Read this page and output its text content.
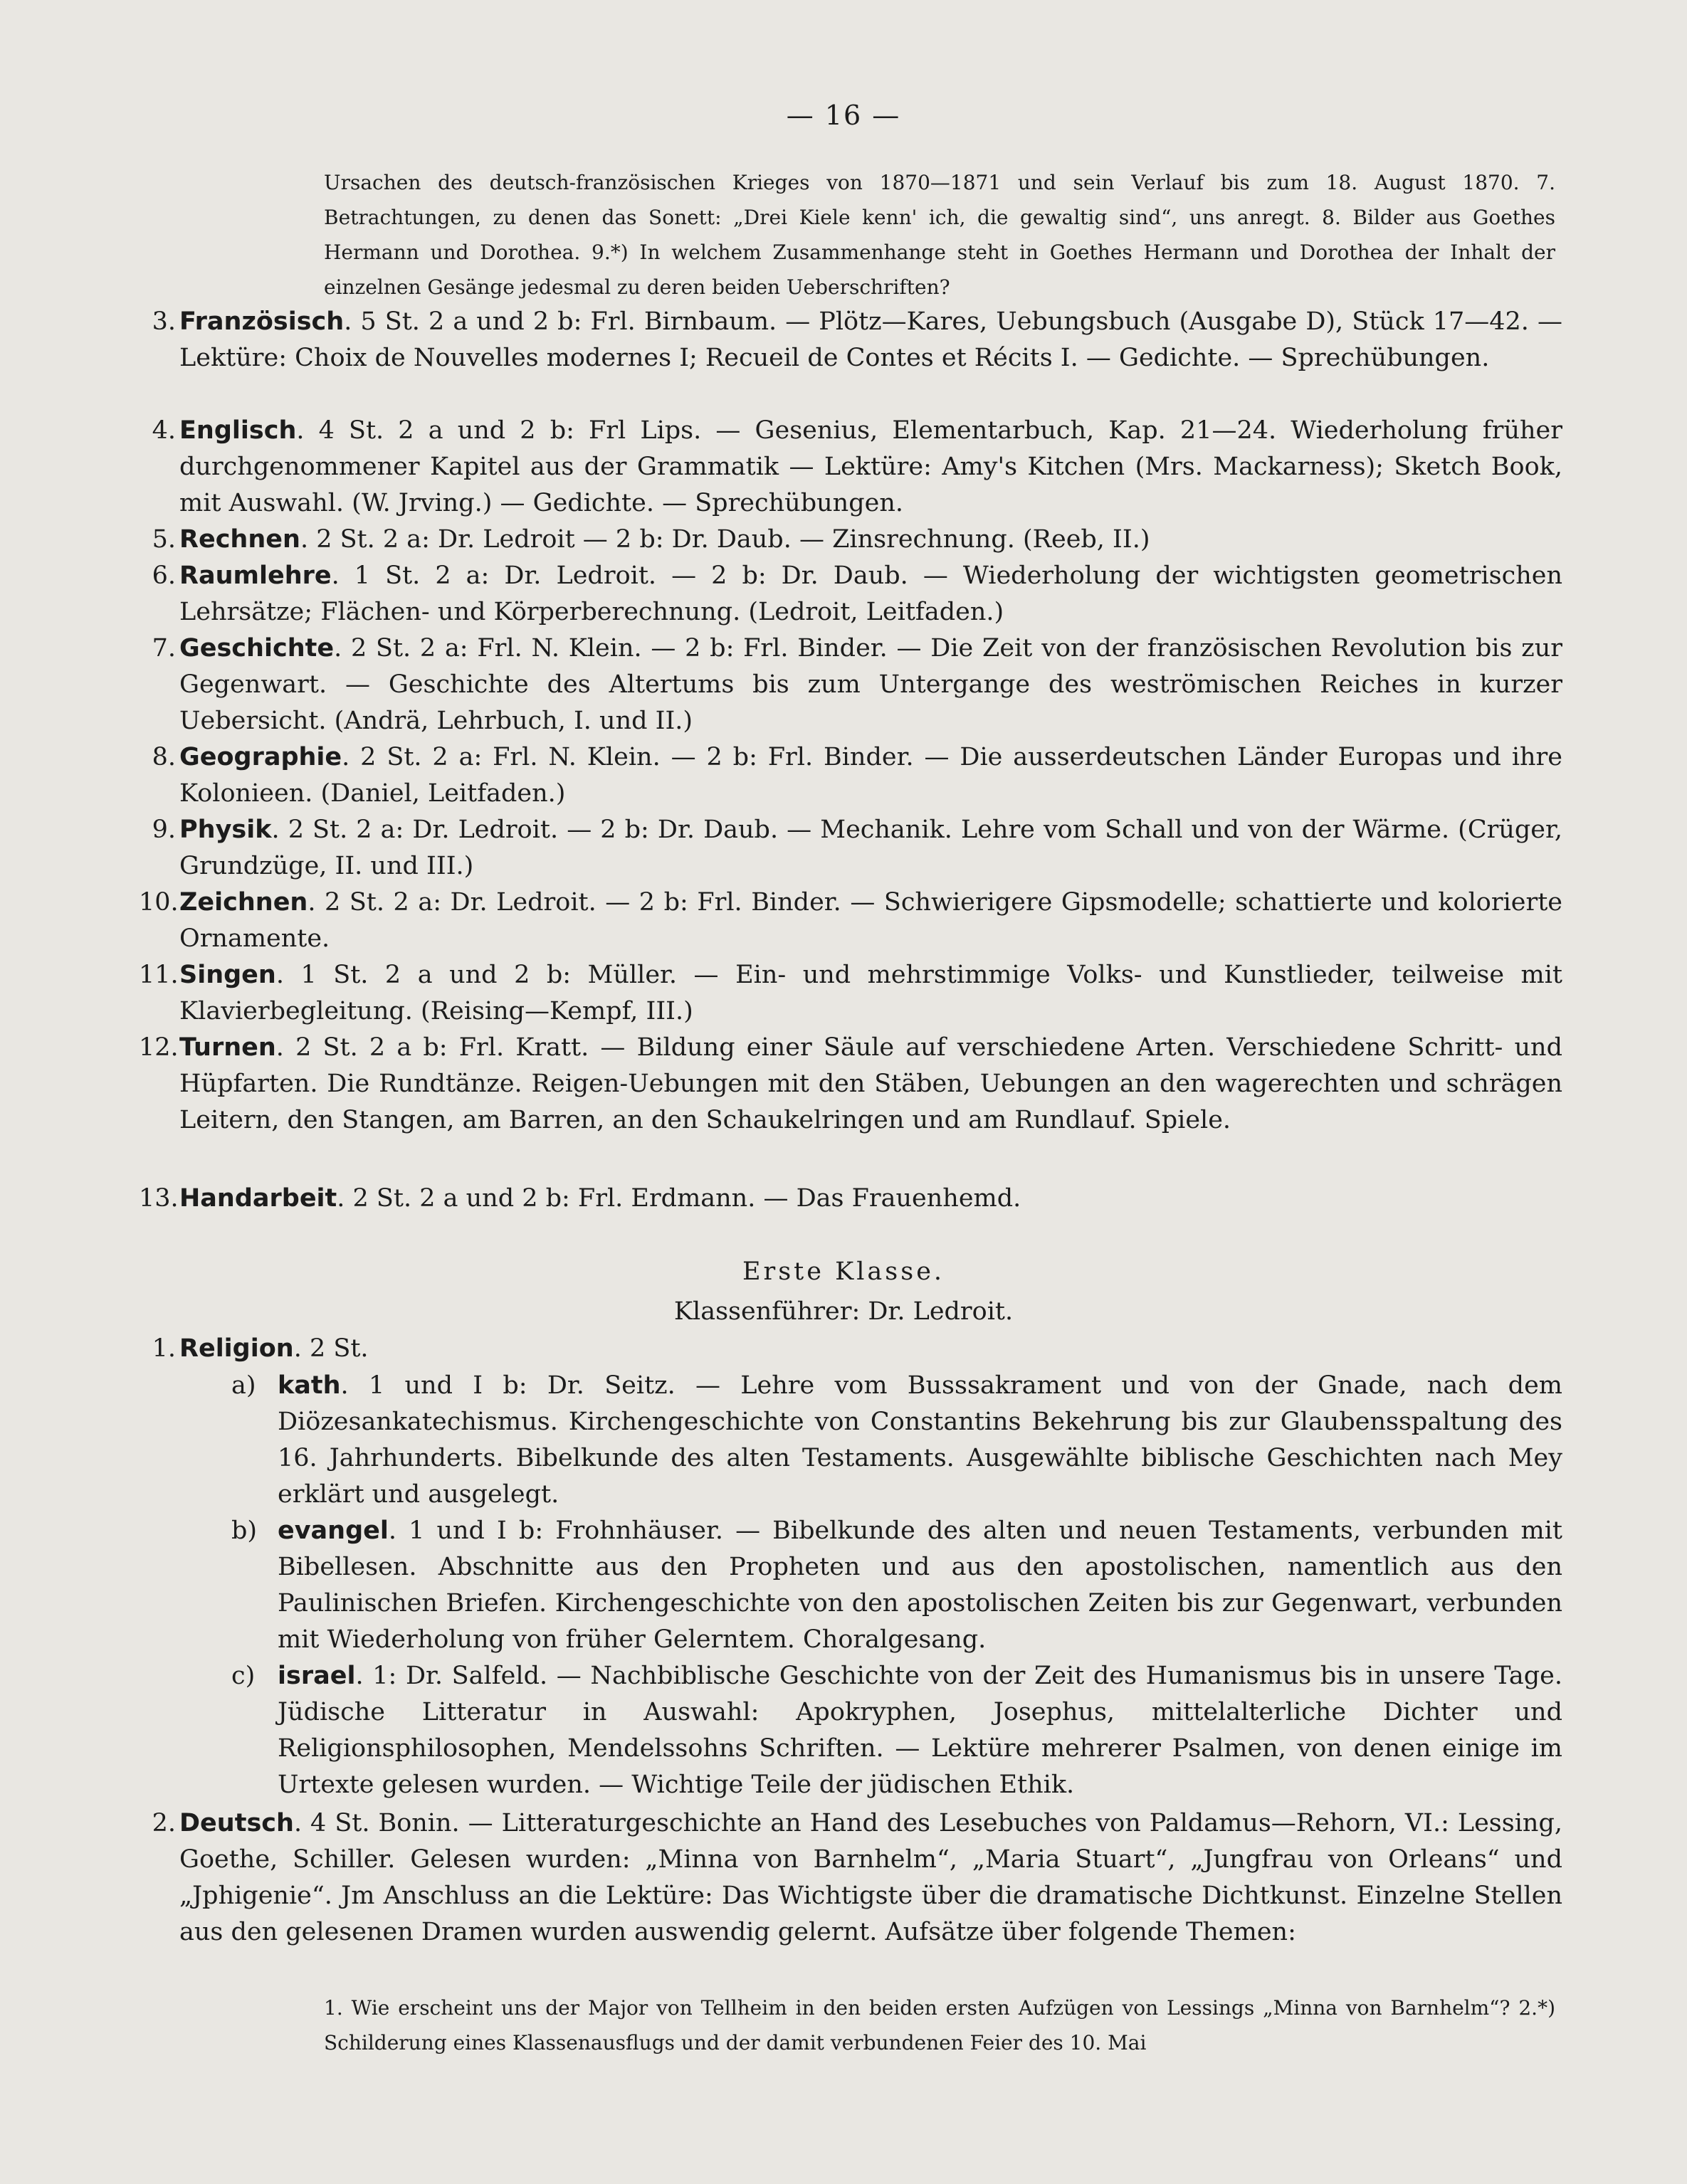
— 16 —

Ursachen des deutsch-französischen Krieges von 1870—1871 und sein Verlauf bis zum 18. August 1870. 7. Betrachtungen, zu denen das Sonett: „Drei Kiele kenn' ich, die gewaltig sind“, uns anregt. 8. Bilder aus Goethes Hermann und Dorothea. 9.*) In welchem Zusammenhange steht in Goethes Hermann und Dorothea der Inhalt der einzelnen Gesänge jedesmal zu deren beiden Ueberschriften?

3. Französisch. 5 St. 2 a und 2 b: Frl. Birnbaum. — Plötz—Kares, Uebungsbuch (Ausgabe D), Stück 17—42. — Lektüre: Choix de Nouvelles modernes I; Recueil de Contes et Récits I. — Gedichte. — Sprechübungen.
4. Englisch. 4 St. 2 a und 2 b: Frl Lips. — Gesenius, Elementarbuch, Kap. 21—24. Wiederholung früher durchgenommener Kapitel aus der Grammatik — Lektüre: Amy's Kitchen (Mrs. Mackarness); Sketch Book, mit Auswahl. (W. Jrving.) — Gedichte. — Sprechübungen.
5. Rechnen. 2 St. 2 a: Dr. Ledroit — 2 b: Dr. Daub. — Zinsrechnung. (Reeb, II.)
6. Raumlehre. 1 St. 2 a: Dr. Ledroit. — 2 b: Dr. Daub. — Wiederholung der wichtigsten geometrischen Lehrsätze; Flächen- und Körperberechnung. (Ledroit, Leitfaden.)
7. Geschichte. 2 St. 2 a: Frl. N. Klein. — 2 b: Frl. Binder. — Die Zeit von der französischen Revolution bis zur Gegenwart. — Geschichte des Altertums bis zum Untergange des weströmischen Reiches in kurzer Uebersicht. (Andrä, Lehrbuch, I. und II.)
8. Geographie. 2 St. 2 a: Frl. N. Klein. — 2 b: Frl. Binder. — Die ausserdeutschen Länder Europas und ihre Kolonieen. (Daniel, Leitfaden.)
9. Physik. 2 St. 2 a: Dr. Ledroit. — 2 b: Dr. Daub. — Mechanik. Lehre vom Schall und von der Wärme. (Crüger, Grundzüge, II. und III.)
10. Zeichnen. 2 St. 2 a: Dr. Ledroit. — 2 b: Frl. Binder. — Schwierigere Gipsmodelle; schattierte und kolorierte Ornamente.
11. Singen. 1 St. 2 a und 2 b: Müller. — Ein- und mehrstimmige Volks- und Kunstlieder, teilweise mit Klavierbegleitung. (Reising—Kempf, III.)
12. Turnen. 2 St. 2 a b: Frl. Kratt. — Bildung einer Säule auf verschiedene Arten. Verschiedene Schritt- und Hüpfarten. Die Rundtänze. Reigen-Uebungen mit den Stäben, Uebungen an den wagerechten und schrägen Leitern, den Stangen, am Barren, an den Schaukelringen und am Rundlauf. Spiele.
13. Handarbeit. 2 St. 2 a und 2 b: Frl. Erdmann. — Das Frauenhemd.
Erste Klasse.
Klassenführer: Dr. Ledroit.
1. Religion. 2 St.
a) kath. 1 und I b: Dr. Seitz. — Lehre vom Busssakrament und von der Gnade, nach dem Diözesankatechismus. Kirchengeschichte von Constantins Bekehrung bis zur Glaubensspaltung des 16. Jahrhunderts. Bibelkunde des alten Testaments. Ausgewählte biblische Geschichten nach Mey erklärt und ausgelegt.
b) evangel. 1 und I b: Frohnhäuser. — Bibelkunde des alten und neuen Testaments, verbunden mit Bibellesen. Abschnitte aus den Propheten und aus den apostolischen, namentlich aus den Paulinischen Briefen. Kirchengeschichte von den apostolischen Zeiten bis zur Gegenwart, verbunden mit Wiederholung von früher Gelerntem. Choralgesang.
c) israel. 1: Dr. Salfeld. — Nachbiblische Geschichte von der Zeit des Humanismus bis in unsere Tage. Jüdische Litteratur in Auswahl: Apokryphen, Josephus, mittelalterliche Dichter und Religionsphilosophen, Mendelssohns Schriften. — Lektüre mehrerer Psalmen, von denen einige im Urtexte gelesen wurden. — Wichtige Teile der jüdischen Ethik.
2. Deutsch. 4 St. Bonin. — Litteraturgeschichte an Hand des Lesebuches von Paldamus—Rehorn, VI.: Lessing, Goethe, Schiller. Gelesen wurden: „Minna von Barnhelm“, „Maria Stuart“, „Jungfrau von Orleans“ und „Jphigenie“. Jm Anschluss an die Lektüre: Das Wichtigste über die dramatische Dichtkunst. Einzelne Stellen aus den gelesenen Dramen wurden auswendig gelernt. Aufsätze über folgende Themen:
1. Wie erscheint uns der Major von Tellheim in den beiden ersten Aufzügen von Lessings „Minna von Barnhelm“? 2.*) Schilderung eines Klassenausflugs und der damit verbundenen Feier des 10. Mai
